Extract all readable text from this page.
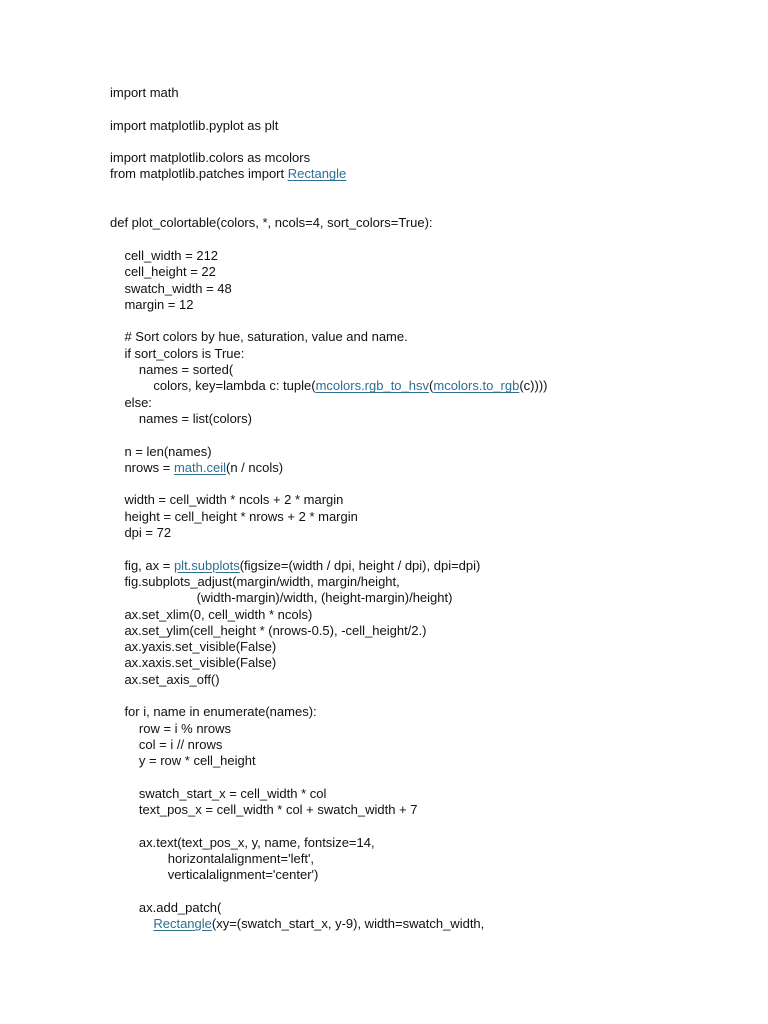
import math
import matplotlib.pyplot as plt
import matplotlib.colors as mcolors
from matplotlib.patches import Rectangle
def plot_colortable(colors, *, ncols=4, sort_colors=True):
cell_width = 212
cell_height = 22
swatch_width = 48
margin = 12
# Sort colors by hue, saturation, value and name.
if sort_colors is True:
names = sorted(
colors, key=lambda c: tuple(mcolors.rgb_to_hsv(mcolors.to_rgb(c))))
else:
names = list(colors)
n = len(names)
nrows = math.ceil(n / ncols)
width = cell_width * ncols + 2 * margin
height = cell_height * nrows + 2 * margin
dpi = 72
fig, ax = plt.subplots(figsize=(width / dpi, height / dpi), dpi=dpi)
fig.subplots_adjust(margin/width, margin/height,
(width-margin)/width, (height-margin)/height)
ax.set_xlim(0, cell_width * ncols)
ax.set_ylim(cell_height * (nrows-0.5), -cell_height/2.)
ax.yaxis.set_visible(False)
ax.xaxis.set_visible(False)
ax.set_axis_off()
for i, name in enumerate(names):
row = i % nrows
col = i // nrows
y = row * cell_height
swatch_start_x = cell_width * col
text_pos_x = cell_width * col + swatch_width + 7
ax.text(text_pos_x, y, name, fontsize=14,
horizontalalignment='left',
verticalalignment='center')
ax.add_patch(
Rectangle(xy=(swatch_start_x, y-9), width=swatch_width,
